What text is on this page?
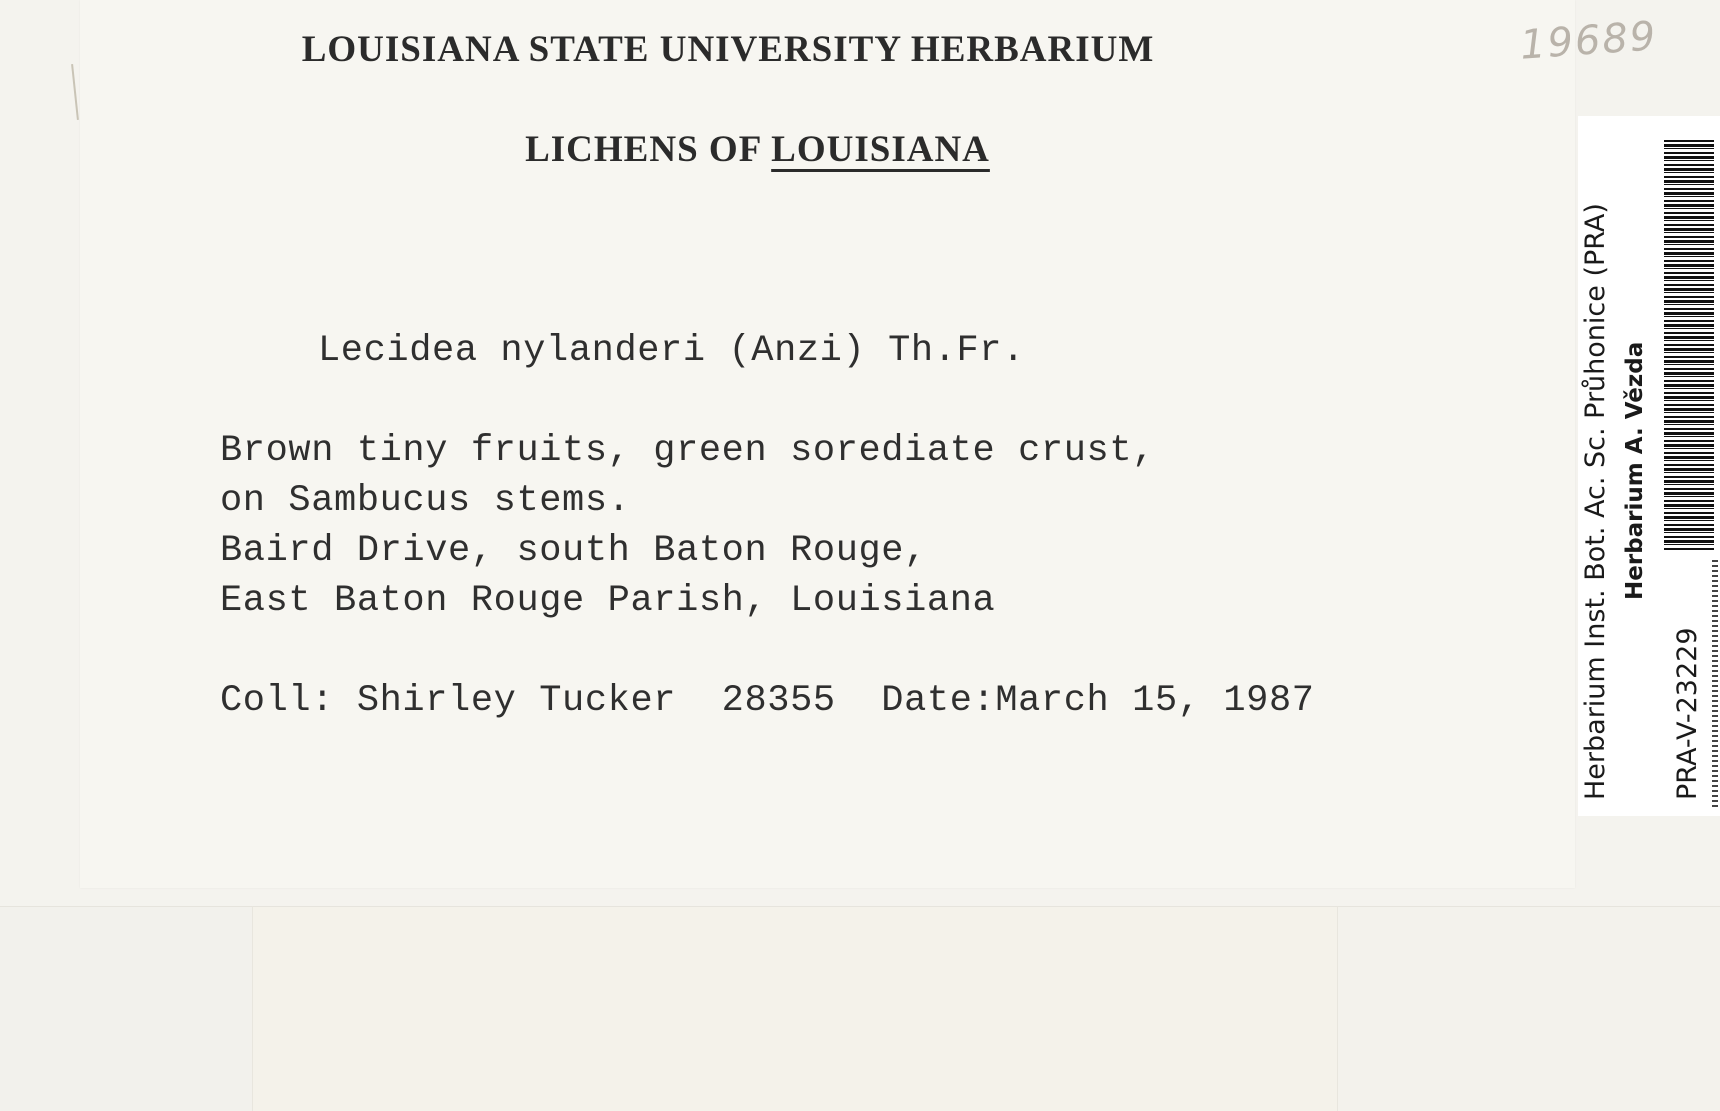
19689
LOUISIANA STATE UNIVERSITY HERBARIUM
LICHENS OF LOUISIANA
Lecidea nylanderi (Anzi) Th.Fr.
Brown tiny fruits, green sorediate crust,
on Sambucus stems.
Baird Drive, south Baton Rouge,
East Baton Rouge Parish, Louisiana
Coll: Shirley Tucker  28355  Date:March 15, 1987	Herbarium Inst. Bot. Ac. Sc. Průhonice (PRA) Herbarium A. Vězda
PRA-V-23229
